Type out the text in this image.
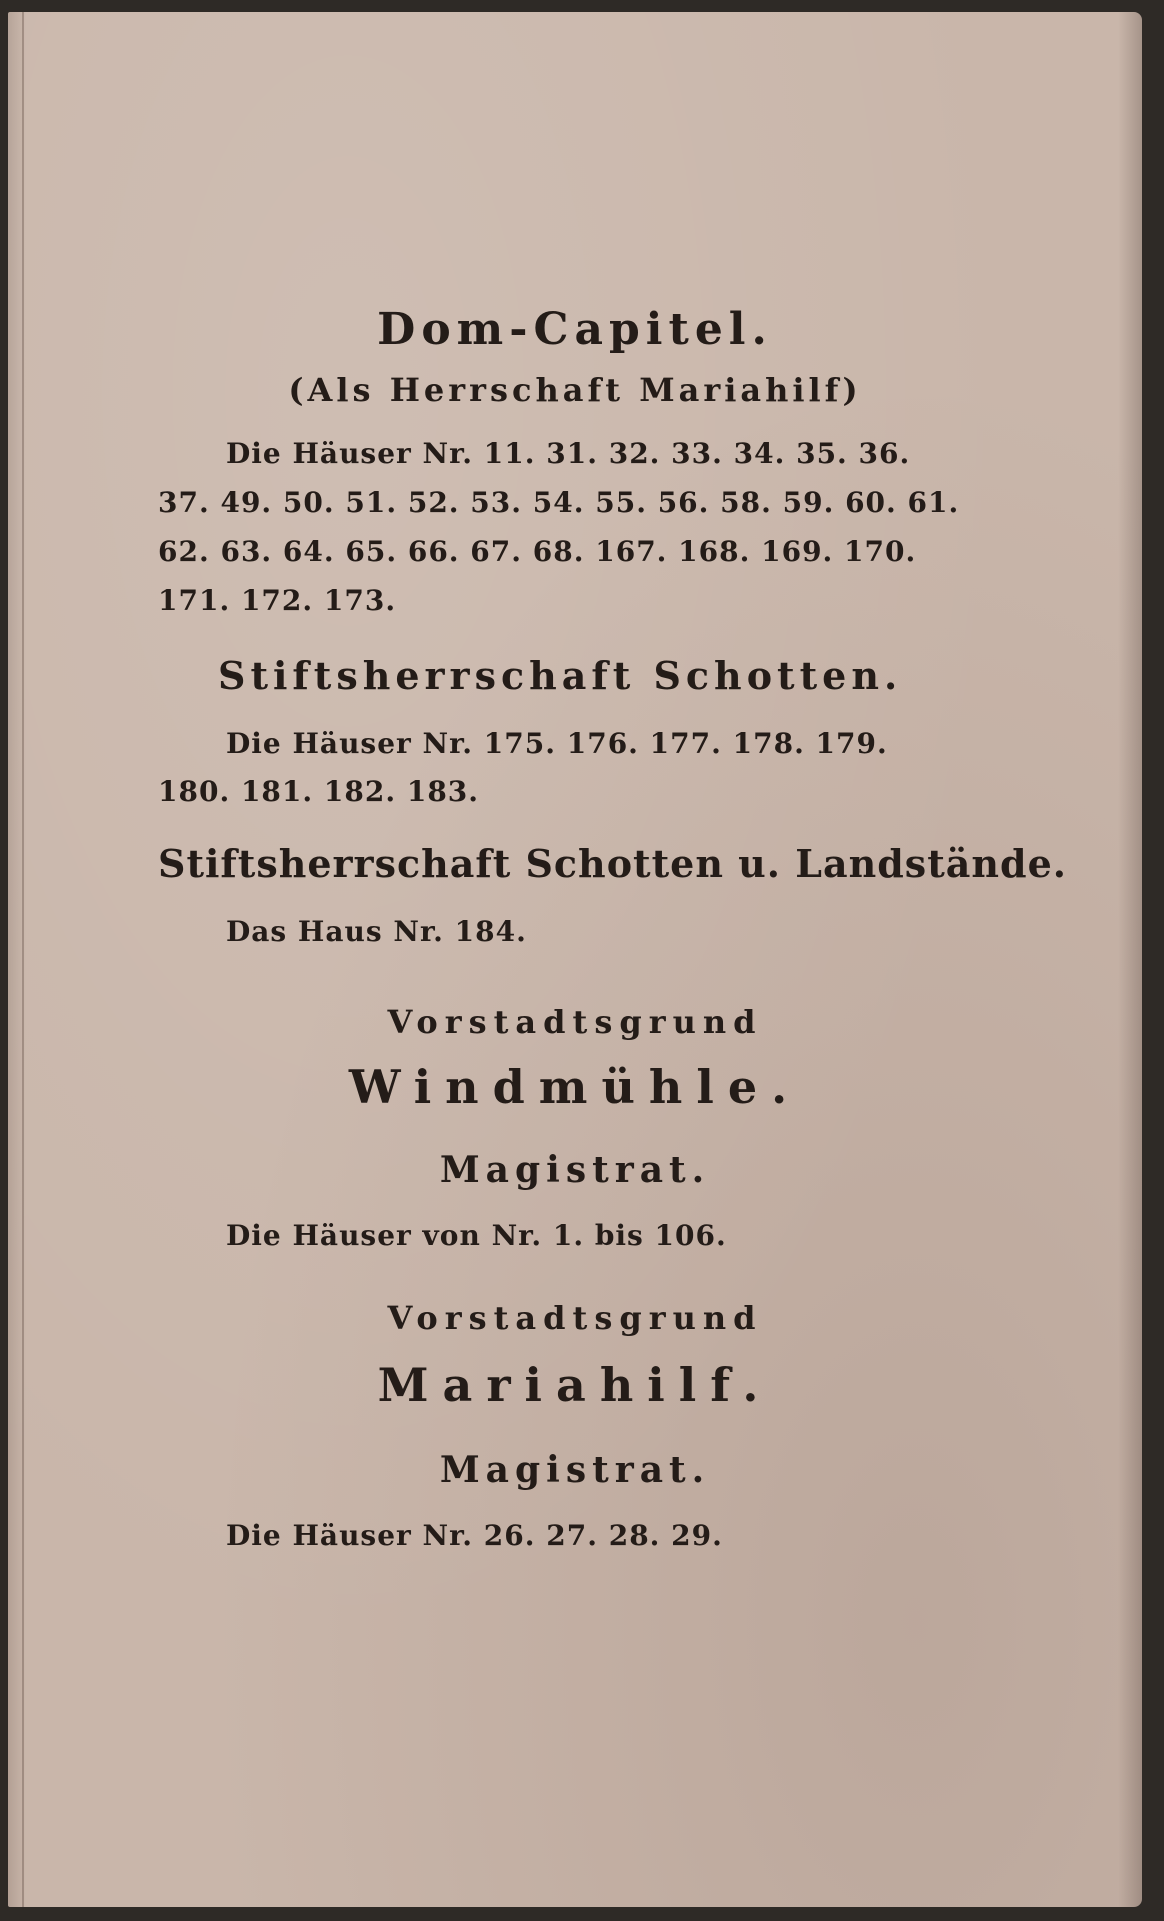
Dom-Capitel.
(Als Herrschaft Mariahilf)
Die Häuser Nr. 11. 31. 32. 33. 34. 35. 36.
37. 49. 50. 51. 52. 53. 54. 55. 56. 58. 59. 60. 61.
62. 63. 64. 65. 66. 67. 68. 167. 168. 169. 170.
171. 172. 173.
Stiftsherrschaft Schotten.
Die Häuser Nr. 175. 176. 177. 178. 179.
180. 181. 182. 183.
Stiftsherrschaft Schotten u. Landstände.
Das Haus Nr. 184.
Vorstadtsgrund
Windmühle.
Magistrat.
Die Häuser von Nr. 1. bis 106.
Vorstadtsgrund
Mariahilf.
Magistrat.
Die Häuser Nr. 26. 27. 28. 29.
